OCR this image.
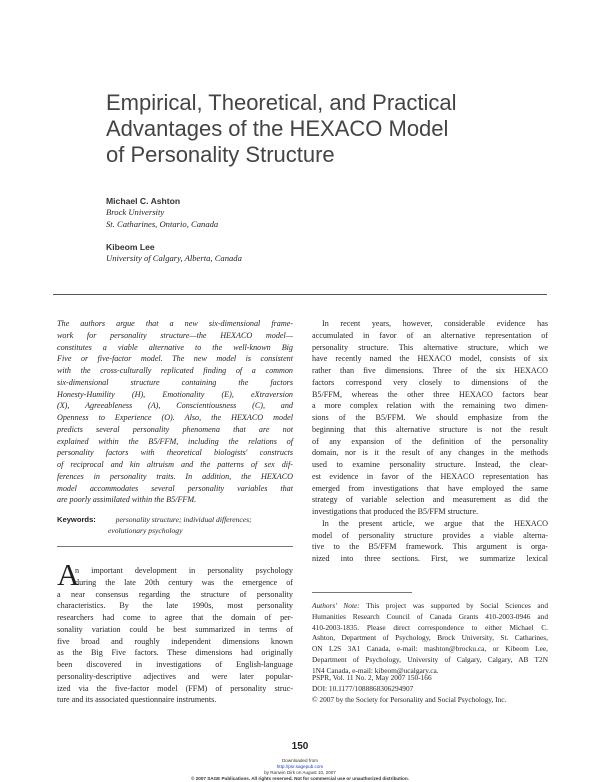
Empirical, Theoretical, and Practical
Advantages of the HEXACO Model
of Personality Structure
Michael C. Ashton
Brock University
St. Catharines, Ontario, Canada
Kibeom Lee
University of Calgary, Alberta, Canada
The authors argue that a new six-dimensional frame-
work for personality structure—the HEXACO model—
constitutes a viable alternative to the well-known Big
Five or five-factor model. The new model is consistent
with the cross-culturally replicated finding of a common
six-dimensional structure containing the factors
Honesty-Humility (H), Emotionality (E), eXtraversion
(X), Agreeableness (A), Conscientiousness (C), and
Openness to Experience (O). Also, the HEXACO model
predicts several personality phenomena that are not
explained within the B5/FFM, including the relations of
personality factors with theoretical biologists' constructs
of reciprocal and kin altruism and the patterns of sex dif-
ferences in personality traits. In addition, the HEXACO
model accommodates several personality variables that
are poorly assimilated within the B5/FFM.
Keywords:	personality structure; individual differences;
evolutionary psychology
A
n important development in personality psychology
during the late 20th century was the emergence of
a near consensus regarding the structure of personality
characteristics. By the late 1990s, most personality
researchers had come to agree that the domain of per-
sonality variation could be best summarized in terms of
five broad and roughly independent dimensions known
as the Big Five factors. These dimensions had originally
been discovered in investigations of English-language
personality-descriptive adjectives and were later popular-
ized via the five-factor model (FFM) of personality struc-
ture and its associated questionnaire instruments.
In recent years, however, considerable evidence has
accumulated in favor of an alternative representation of
personality structure. This alternative structure, which we
have recently named the HEXACO model, consists of six
rather than five dimensions. Three of the six HEXACO
factors correspond very closely to dimensions of the
B5/FFM, whereas the other three HEXACO factors bear
a more complex relation with the remaining two dimen-
sions of the B5/FFM. We should emphasize from the
beginning that this alternative structure is not the result
of any expansion of the definition of the personality
domain, nor is it the result of any changes in the methods
used to examine personality structure. Instead, the clear-
est evidence in favor of the HEXACO representation has
emerged from investigations that have employed the same
strategy of variable selection and measurement as did the
investigations that produced the B5/FFM structure.
In the present article, we argue that the HEXACO
model of personality structure provides a viable alterna-
tive to the B5/FFM framework. This argument is orga-
nized into three sections. First, we summarize lexical
Authors' Note: This project was supported by Social Sciences and
Humanities Research Council of Canada Grants 410-2003-0946 and
410-2003-1835. Please direct correspondence to either Michael C.
Ashton, Department of Psychology, Brock University, St. Catharines,
ON L2S 3A1 Canada, e-mail: mashton@brocku.ca, or Kibeom Lee,
Department of Psychology, University of Calgary, Calgary, AB T2N
1N4 Canada, e-mail: kibeom@ucalgary.ca.
PSPR, Vol. 11 No. 2, May 2007 150-166
DOI: 10.1177/1088868306294907
© 2007 by the Society for Personality and Social Psychology, Inc.
150
Downloaded from
http://psr.sagepub.com
by Ranwin Dirk on August 10, 2007
© 2007 SAGE Publications. All rights reserved. Not for commercial use or unauthorized distribution.
